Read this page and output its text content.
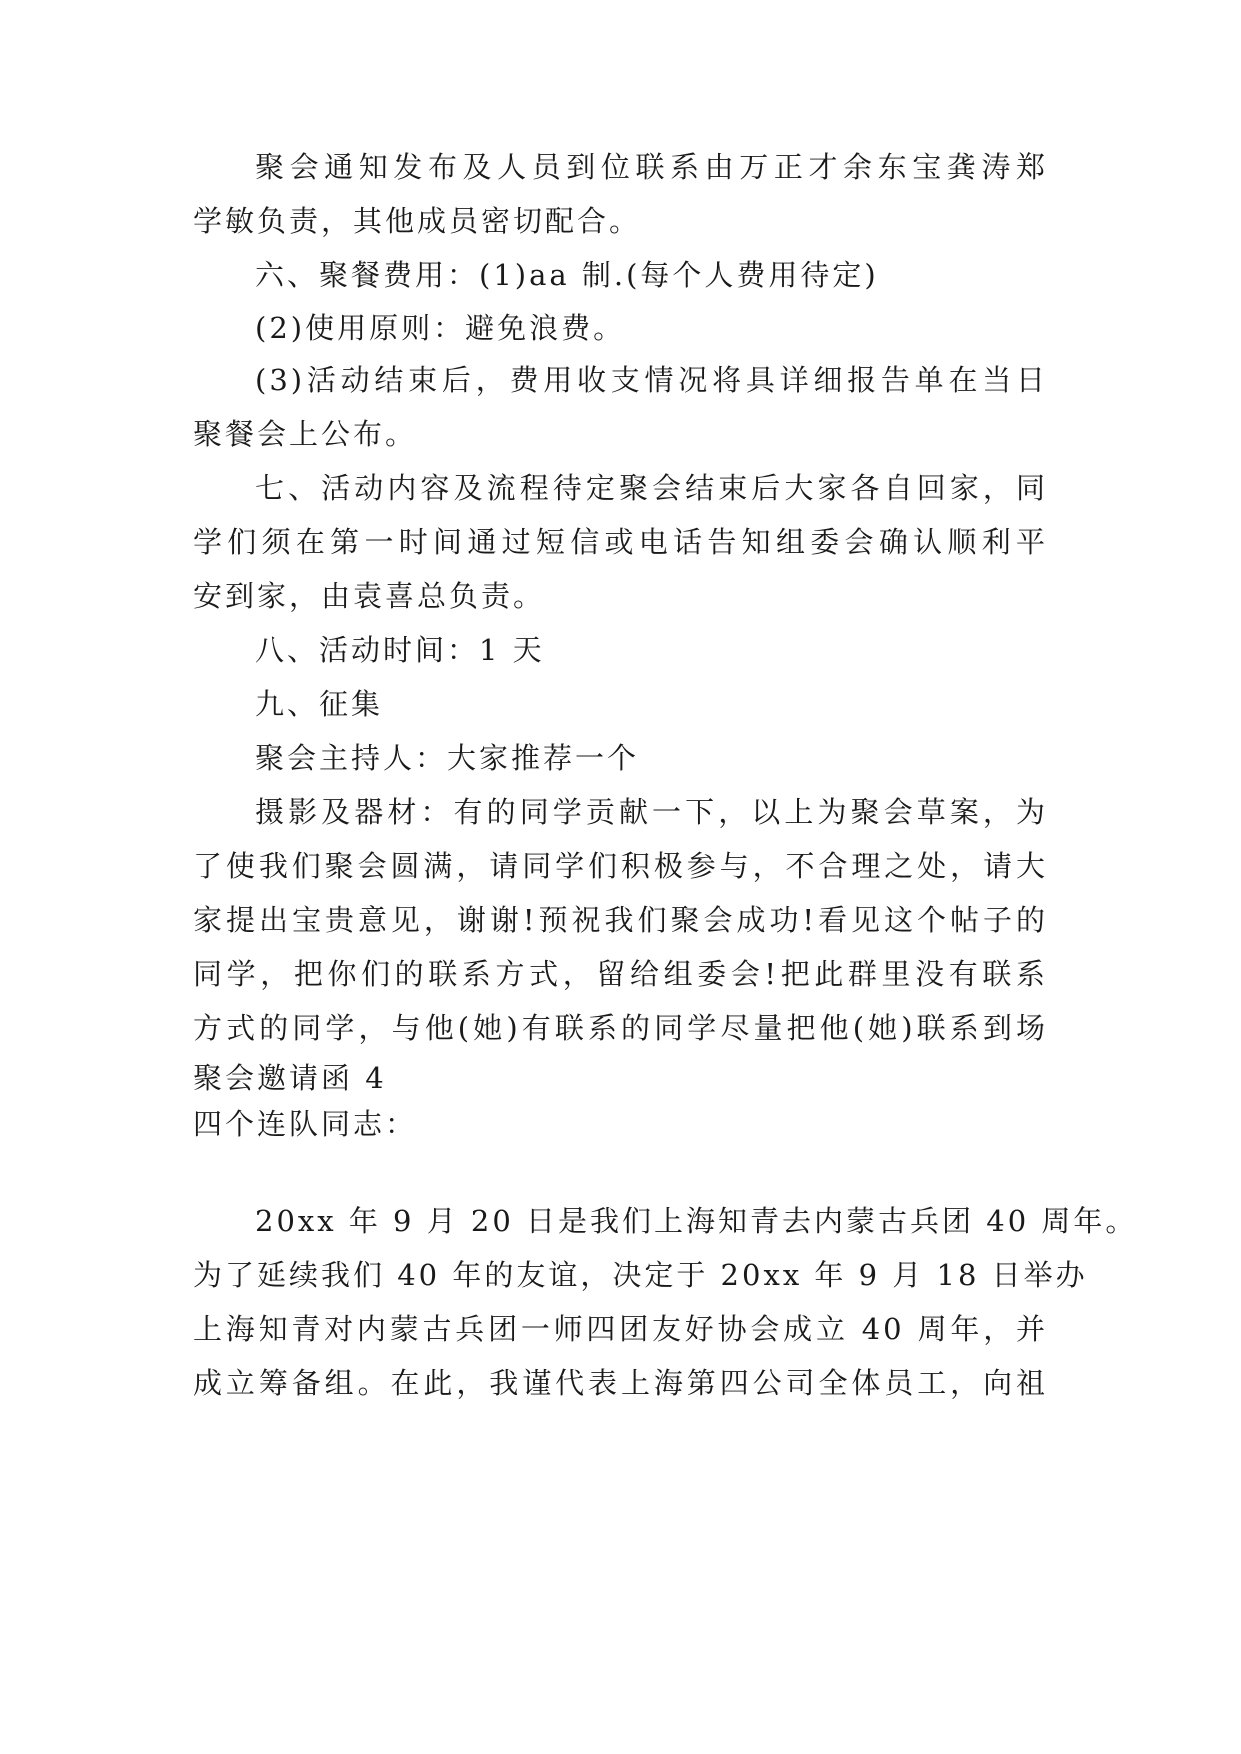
聚会通知发布及人员到位联系由万正才余东宝龚涛郑
学敏负责，其他成员密切配合。
六、聚餐费用：(1)aa 制.(每个人费用待定)
(2)使用原则：避免浪费。
(3)活动结束后，费用收支情况将具详细报告单在当日
聚餐会上公布。
七、活动内容及流程待定聚会结束后大家各自回家，同
学们须在第一时间通过短信或电话告知组委会确认顺利平
安到家，由袁喜总负责。
八、活动时间：1 天
九、征集
聚会主持人：大家推荐一个
摄影及器材：有的同学贡献一下，以上为聚会草案，为
了使我们聚会圆满，请同学们积极参与，不合理之处，请大
家提出宝贵意见，谢谢!预祝我们聚会成功!看见这个帖子的
同学，把你们的联系方式，留给组委会!把此群里没有联系
方式的同学，与他(她)有联系的同学尽量把他(她)联系到场
聚会邀请函 4
四个连队同志：
20xx 年 9 月 20 日是我们上海知青去内蒙古兵团 40 周年。
为了延续我们 40 年的友谊，决定于 20xx 年 9 月 18 日举办
上海知青对内蒙古兵团一师四团友好协会成立 40 周年，并
成立筹备组。在此，我谨代表上海第四公司全体员工，向祖
